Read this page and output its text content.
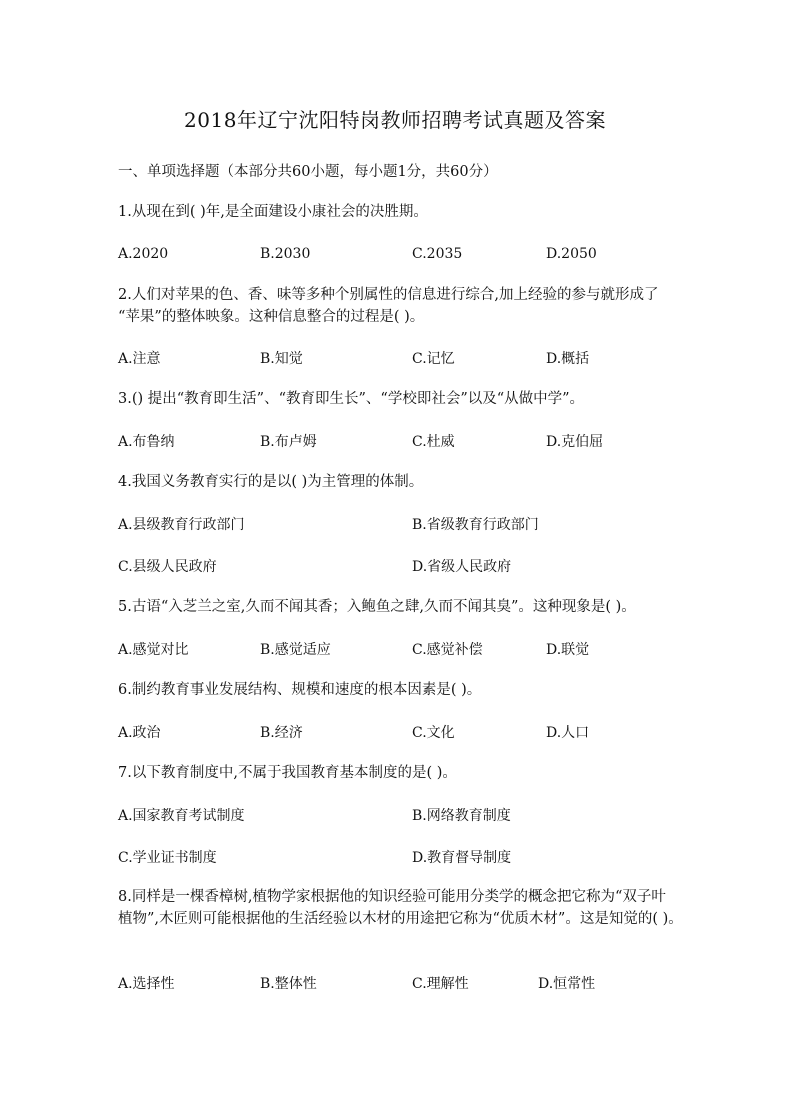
2018年辽宁沈阳特岗教师招聘考试真题及答案
一、单项选择题（本部分共60小题，每小题1分，共60分）
1.从现在到( )年,是全面建设小康社会的决胜期。
A.2020	B.2030	C.2035	D.2050
2.人们对苹果的色、香、味等多种个别属性的信息进行综合,加上经验的参与就形成了
“苹果”的整体映象。这种信息整合的过程是( )。
A.注意	B.知觉	C.记忆	D.概括
3.() 提出“教育即生活”、“教育即生长”、“学校即社会”以及“从做中学”。
A.布鲁纳	B.布卢姆	C.杜威	D.克伯屈
4.我国义务教育实行的是以( )为主管理的体制。
A.县级教育行政部门	B.省级教育行政部门
C.县级人民政府	D.省级人民政府
5.古语“入芝兰之室,久而不闻其香；入鲍鱼之肆,久而不闻其臭”。这种现象是( )。
A.感觉对比	B.感觉适应	C.感觉补偿	D.联觉
6.制约教育事业发展结构、规模和速度的根本因素是( )。
A.政治	B.经济	C.文化	D.人口
7.以下教育制度中,不属于我国教育基本制度的是( )。
A.国家教育考试制度	B.网络教育制度
C.学业证书制度	D.教育督导制度
8.同样是一棵香樟树,植物学家根据他的知识经验可能用分类学的概念把它称为“双子叶
植物”,木匠则可能根据他的生活经验以木材的用途把它称为“优质木材”。这是知觉的( )。
A.选择性	B.整体性	C.理解性	D.恒常性
